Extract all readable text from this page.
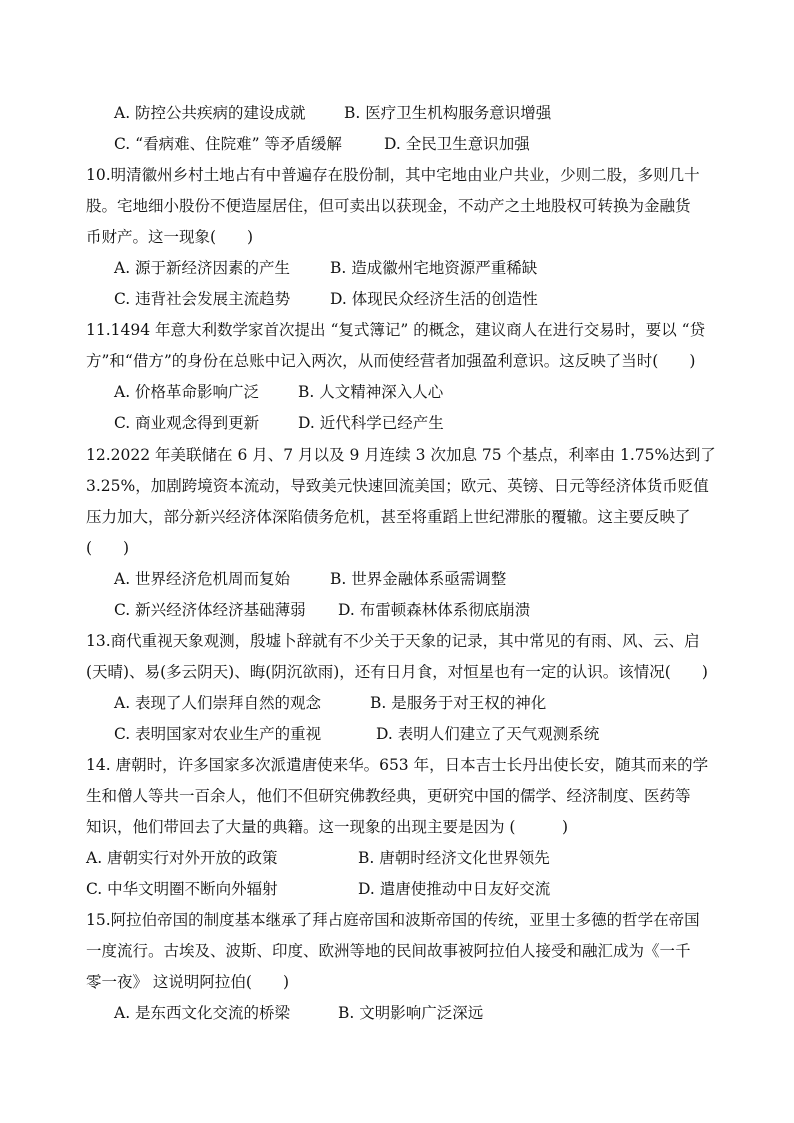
A. 防控公共疾病的建设成就 B. 医疗卫生机构服务意识增强
C. “看病难、住院难” 等矛盾缓解	D. 全民卫生意识加强
10.明清徽州乡村土地占有中普遍存在股份制，其中宅地由业户共业，少则二股，多则几十
股。宅地细小股份不便造屋居住，但可卖出以获现金，不动产之土地股权可转换为金融货
币财产。这一现象(　　)
A. 源于新经济因素的产生	B. 造成徽州宅地资源严重稀缺
C. 违背社会发展主流趋势	D. 体现民众经济生活的创造性
11.1494 年意大利数学家首次提出 “复式簿记” 的概念，建议商人在进行交易时，要以 “贷
方”和“借方”的身份在总账中记入两次，从而使经营者加强盈利意识。这反映了当时(　　)
A. 价格革命影响广泛	B. 人文精神深入人心
C. 商业观念得到更新	D. 近代科学已经产生
12.2022 年美联储在 6 月、7 月以及 9 月连续 3 次加息 75 个基点，利率由 1.75%达到了
3.25%，加剧跨境资本流动，导致美元快速回流美国；欧元、英镑、日元等经济体货币贬值
压力加大，部分新兴经济体深陷债务危机，甚至将重蹈上世纪滞胀的覆辙。这主要反映了
(　　)
A. 世界经济危机周而复始	B. 世界金融体系亟需调整
C. 新兴经济体经济基础薄弱 D. 布雷顿森林体系彻底崩溃
13.商代重视天象观测，殷墟卜辞就有不少关于天象的记录，其中常见的有雨、风、云、启
(天晴)、易(多云阴天)、晦(阴沉欲雨)，还有日月食，对恒星也有一定的认识。该情况(　　)
A. 表现了人们崇拜自然的观念	B. 是服务于对王权的神化
C. 表明国家对农业生产的重视	D. 表明人们建立了天气观测系统
14. 唐朝时，许多国家多次派遣唐使来华。653 年，日本吉士长丹出使长安，随其而来的学
生和僧人等共一百余人，他们不但研究佛教经典，更研究中国的儒学、经济制度、医药等
知识，他们带回去了大量的典籍。这一现象的出现主要是因为 (　　　)
A. 唐朝实行对外开放的政策	B. 唐朝时经济文化世界领先
C. 中华文明圈不断向外辐射	D. 遣唐使推动中日友好交流
15.阿拉伯帝国的制度基本继承了拜占庭帝国和波斯帝国的传统，亚里士多德的哲学在帝国
一度流行。古埃及、波斯、印度、欧洲等地的民间故事被阿拉伯人接受和融汇成为《一千
零一夜》 这说明阿拉伯(　　)
A. 是东西文化交流的桥梁	B. 文明影响广泛深远
